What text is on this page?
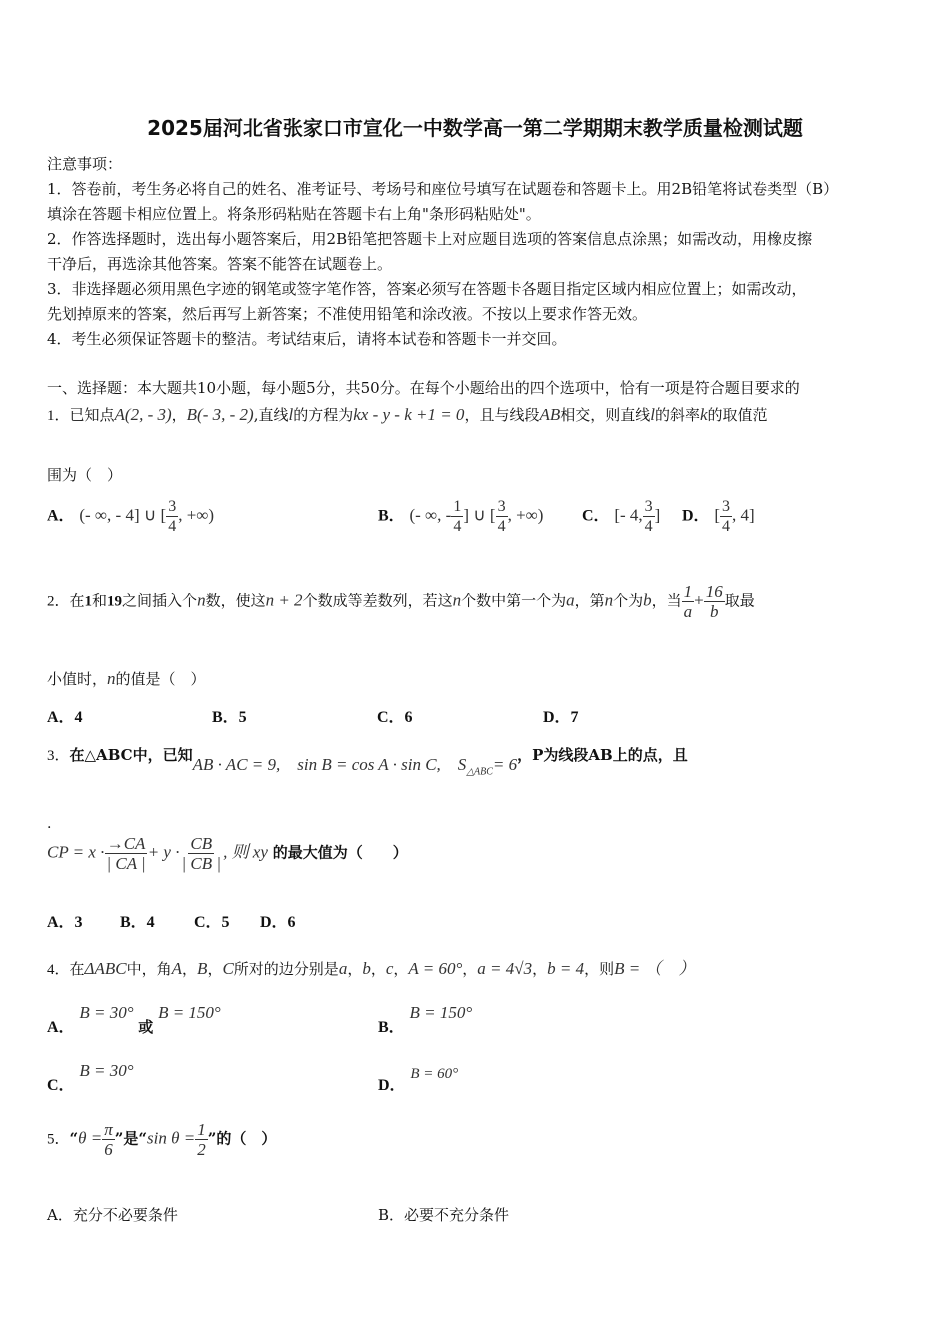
2025届河北省张家口市宣化一中数学高一第二学期期末教学质量检测试题
注意事项：
1．答卷前，考生务必将自己的姓名、准考证号、考场号和座位号填写在试题卷和答题卡上。用2B铅笔将试卷类型（B）
填涂在答题卡相应位置上。将条形码粘贴在答题卡右上角"条形码粘贴处"。
2．作答选择题时，选出每小题答案后，用2B铅笔把答题卡上对应题目选项的答案信息点涂黑；如需改动，用橡皮擦
干净后，再选涂其他答案。答案不能答在试题卷上。
3．非选择题必须用黑色字迹的钢笔或签字笔作答，答案必须写在答题卡各题目指定区域内相应位置上；如需改动，
先划掉原来的答案，然后再写上新答案；不准使用铅笔和涂改液。不按以上要求作答无效。
4．考生必须保证答题卡的整洁。考试结束后，请将本试卷和答题卡一并交回。
一、选择题：本大题共10小题，每小题5分，共50分。在每个小题给出的四个选项中，恰有一项是符合题目要求的
1．已知点A(2, - 3)，B(- 3, - 2),直线l的方程为kx - y - k +1 = 0，且与线段AB相交，则直线l的斜率k的取值范
围为（　）
A． (- ∞, - 4] ∪ [ $\frac{3}{4}$ , +∞)	B． (- ∞, - $\frac{1}{4}$ ] ∪ [ $\frac{3}{4}$ , +∞) C． [- 4, $\frac{3}{4}$ ] D． [ $\frac{3}{4}$ , 4]
2．在1和19之间插入个n数，使这n + 2个数成等差数列，若这n个数中第一个为a，第n个为b，当 $\frac{1}{a} + \frac{16}{b}$ 取最
小值时，n的值是（　）
A．4	B．5	C．6	D．7
3．在△ABC中，已知AB · AC = 9,　sin B = cos A · sin C,　$S_{\triangle ABC}= 6$，P为线段AB上的点，且
.
CP = $x \cdot \frac{\to CA}{| CA |} + y \cdot \frac{CB}{| CB |}$ , 则 xy 的最大值为（　　）
A．3 B．4 C．5 D．6
4．在ΔABC中，角A，B，C所对的边分别是a，b，c，A = 60°，a = 4√3，b = 4，则B = （　）
A． B = 30° 或 B = 150°
B． B = 150°
C． B = 30°
D． B = 60°
5．“$\theta = \frac{\pi}{6}$ ”是“sin $\theta = \frac{1}{2}$ ”的（　）
A．充分不必要条件	B．必要不充分条件
